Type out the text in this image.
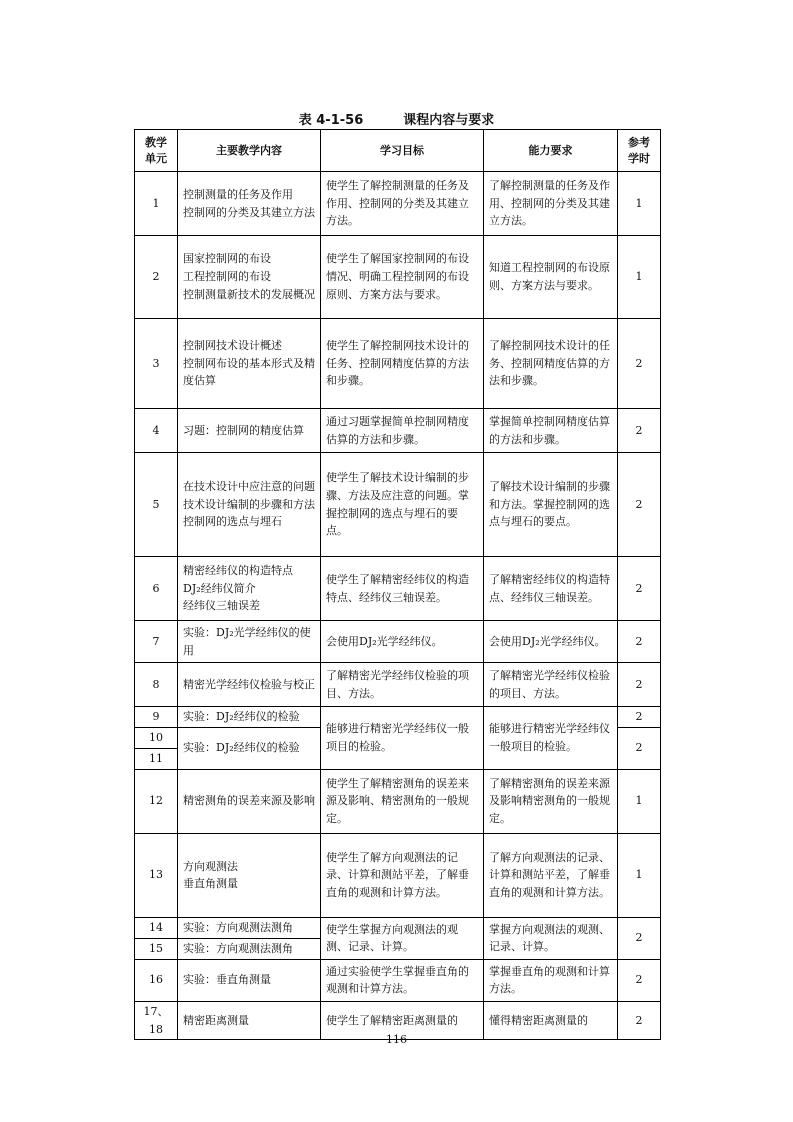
表 4-1-56	课程内容与要求
教学
单元	主要教学内容	学习目标	能力要求	参考
学时

1	控制测量的任务及作用
控制网的分类及其建立方法	使学生了解控制测量的任务及作用、控制网的分类及其建立方法。	了解控制测量的任务及作用、控制网的分类及其建立方法。	1
2	国家控制网的布设
工程控制网的布设
控制测量新技术的发展概况	使学生了解国家控制网的布设情况、明确工程控制网的布设原则、方案方法与要求。	知道工程控制网的布设原则、方案方法与要求。	1
3	控制网技术设计概述
控制网布设的基本形式及精度估算	使学生了解控制网技术设计的任务、控制网精度估算的方法和步骤。	了解控制网技术设计的任务、控制网精度估算的方法和步骤。	2
4	习题：控制网的精度估算	通过习题掌握简单控制网精度估算的方法和步骤。	掌握简单控制网精度估算的方法和步骤。	2
5	在技术设计中应注意的问题
技术设计编制的步骤和方法
控制网的选点与埋石	使学生了解技术设计编制的步骤、方法及应注意的问题。掌握控制网的选点与埋石的要点。	了解技术设计编制的步骤和方法。掌握控制网的选点与埋石的要点。	2
6	精密经纬仪的构造特点
DJ₂经纬仪简介
经纬仪三轴误差	使学生了解精密经纬仪的构造特点、经纬仪三轴误差。	了解精密经纬仪的构造特点、经纬仪三轴误差。	2
7	实验：DJ₂光学经纬仪的使用	会使用DJ₂光学经纬仪。	会使用DJ₂光学经纬仪。	2
8	精密光学经纬仪检验与校正	了解精密光学经纬仪检验的项目、方法。	了解精密光学经纬仪检验的项目、方法。	2
9	实验：DJ₂经纬仪的检验	能够进行精密光学经纬仪一般项目的检验。	能够进行精密光学经纬仪一般项目的检验。	2
10	实验：DJ₂经纬仪的检验			2
11				
12	精密测角的误差来源及影响	使学生了解精密测角的误差来源及影响、精密测角的一般规定。	了解精密测角的误差来源及影响精密测角的一般规定。	1
13	方向观测法
垂直角测量	使学生了解方向观测法的记录、计算和测站平差，了解垂直角的观测和计算方法。	了解方向观测法的记录、计算和测站平差，了解垂直角的观测和计算方法。	1
14	实验：方向观测法测角	使学生掌握方向观测法的观测、记录、计算。	掌握方向观测法的观测、记录、计算。	2
15	实验：方向观测法测角			
16	实验：垂直角测量	通过实验使学生掌握垂直角的观测和计算方法。	掌握垂直角的观测和计算方法。	2
17、18	精密距离测量	使学生了解精密距离测量的	懂得精密距离测量的	2
116
